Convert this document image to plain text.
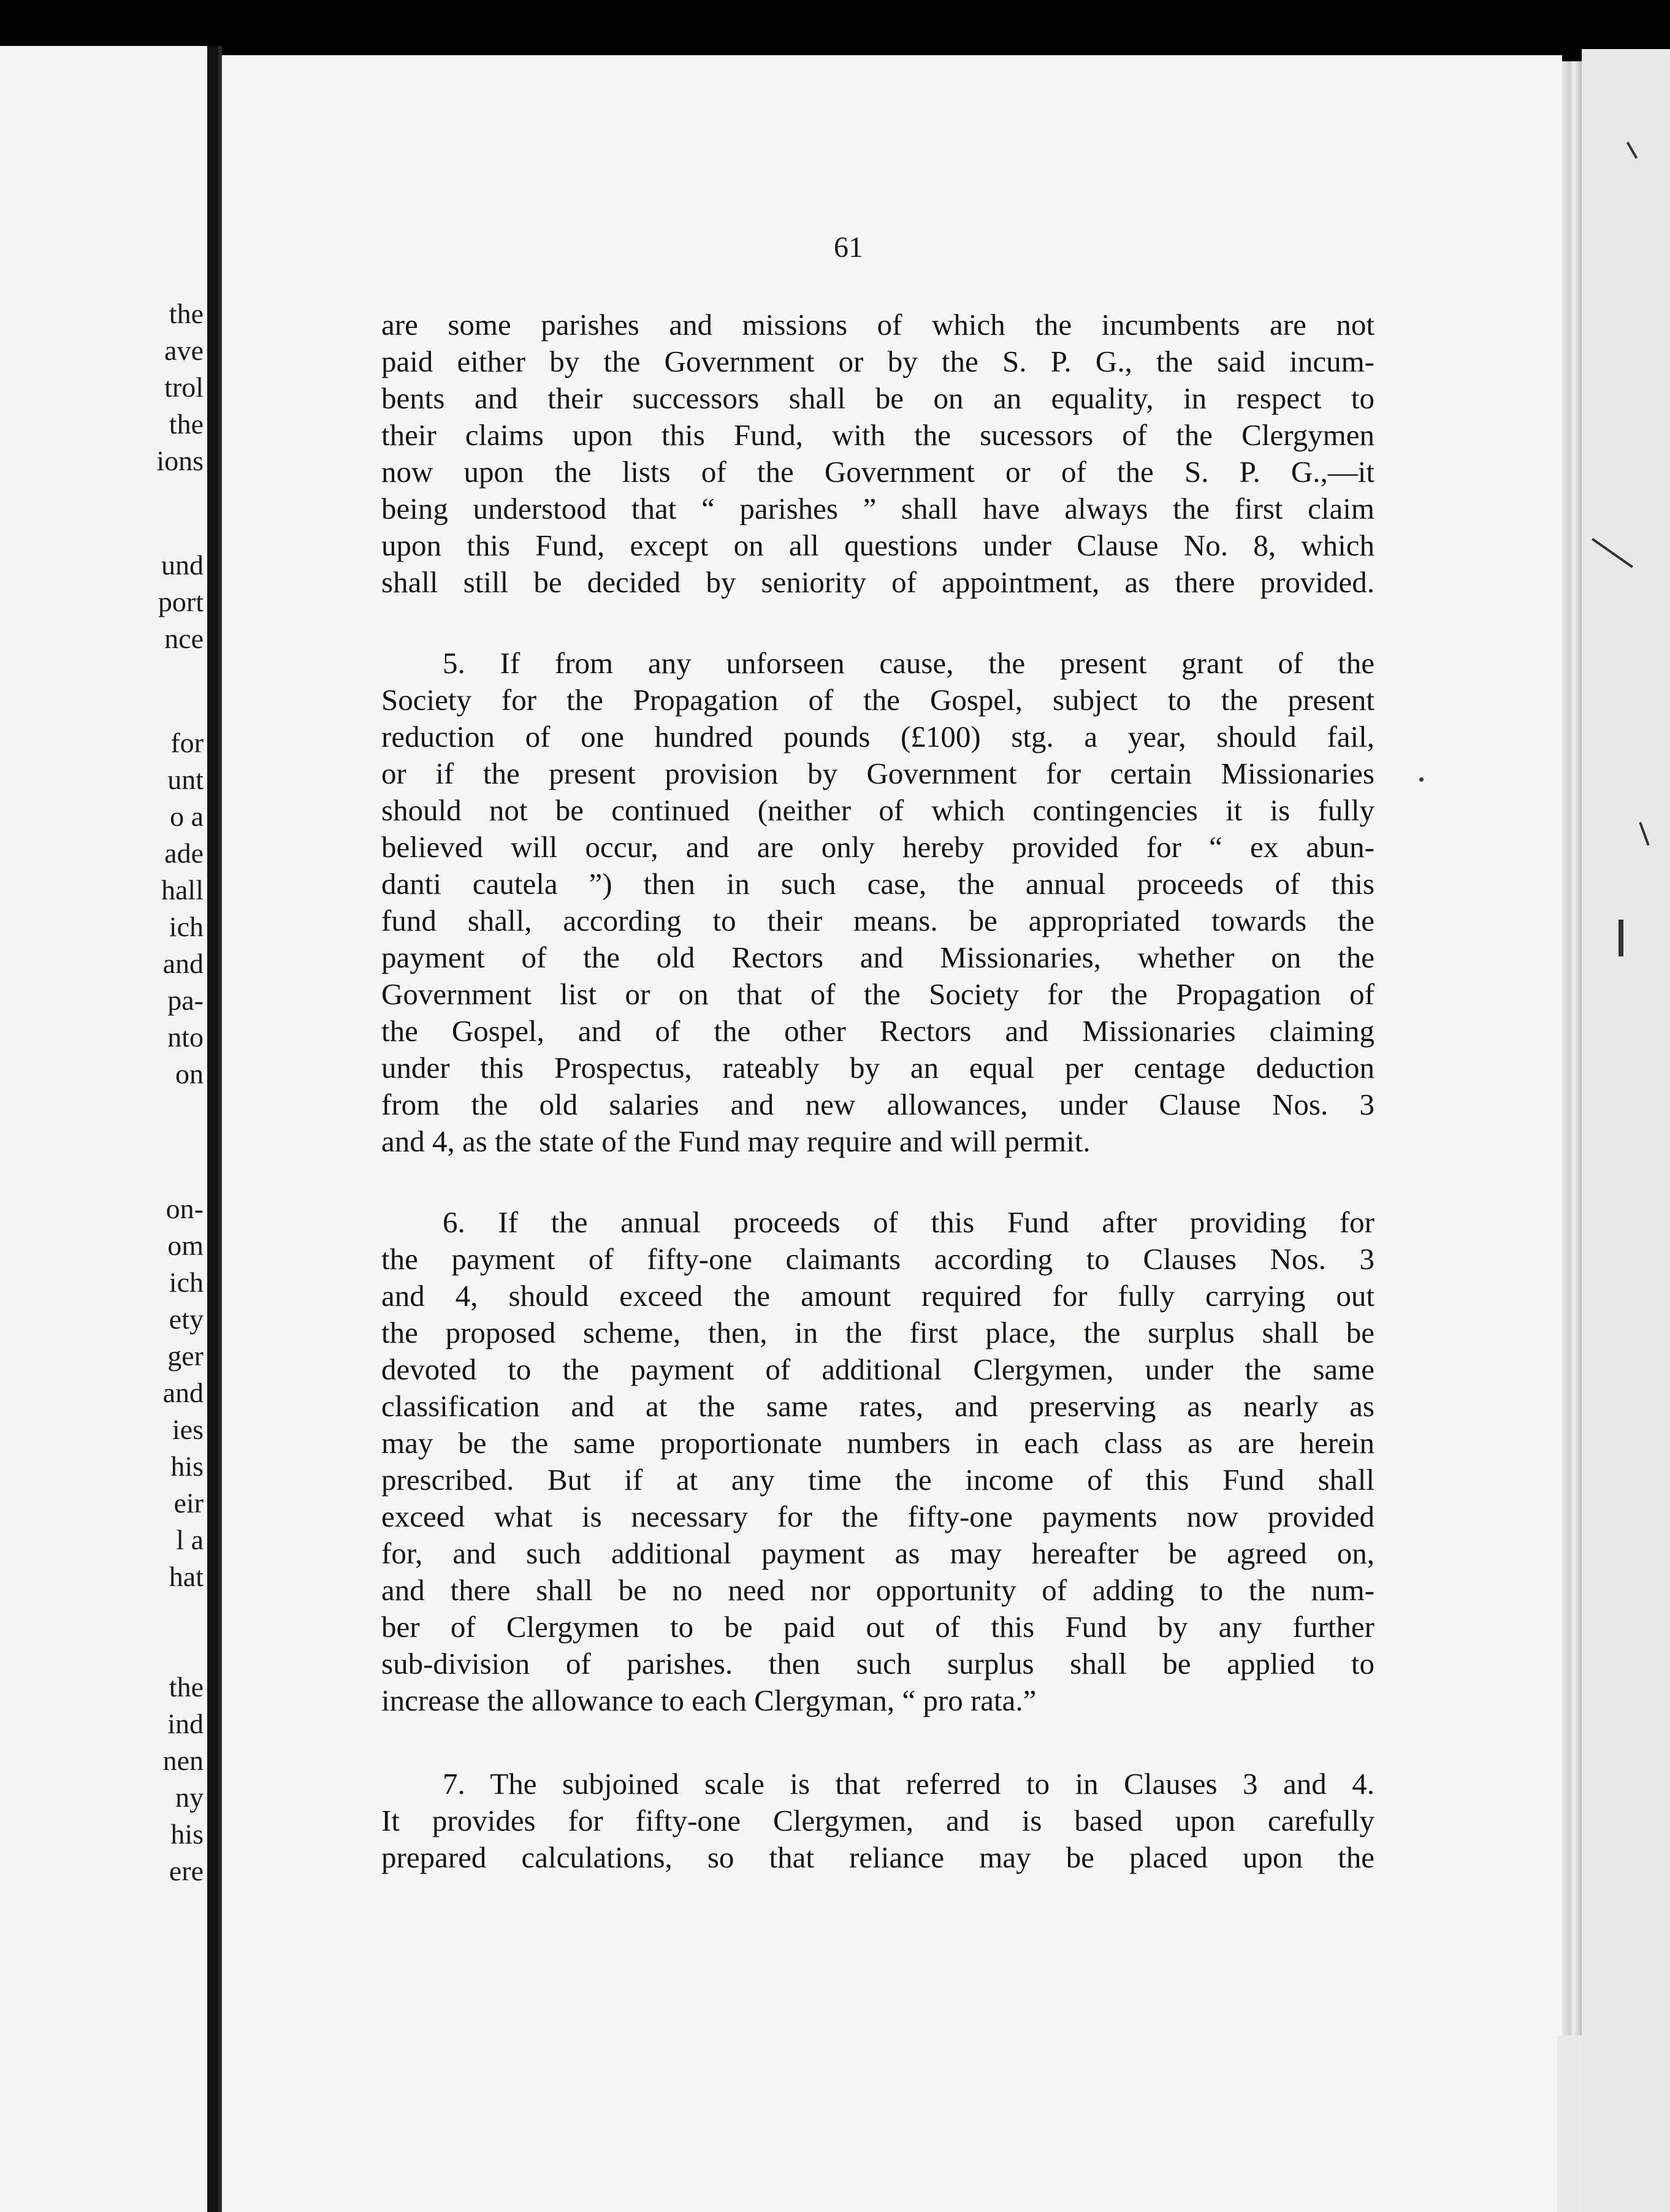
the
ave
trol
the
ions
und
port
nce
for
unt
o a
ade
hall
ich
and
pa-
nto
on
on-
om
ich
ety
ger
and
ies
his
eir
l a
hat
the
ind
nen
ny
his
ere
61
are some parishes and missions of which the incumbents are not
paid either by the Government or by the S. P. G., the said incum-
bents and their successors shall be on an equality, in respect to
their claims upon this Fund, with the sucessors of the Clergymen
now upon the lists of the Government or of the S. P. G.,—it
being understood that “ parishes ” shall have always the first claim
upon this Fund, except on all questions under Clause No. 8, which
shall still be decided by seniority of appointment, as there provided.
5. If from any unforseen cause, the present grant of the
Society for the Propagation of the Gospel, subject to the present
reduction of one hundred pounds (£100) stg. a year, should fail,
or if the present provision by Government for certain Missionaries
should not be continued (neither of which contingencies it is fully
believed will occur, and are only hereby provided for “ ex abun-
danti cautela ”) then in such case, the annual proceeds of this
fund shall, according to their means. be appropriated towards the
payment of the old Rectors and Missionaries, whether on the
Government list or on that of the Society for the Propagation of
the Gospel, and of the other Rectors and Missionaries claiming
under this Prospectus, rateably by an equal per centage deduction
from the old salaries and new allowances, under Clause Nos. 3
and 4, as the state of the Fund may require and will permit.
6. If the annual proceeds of this Fund after providing for
the payment of fifty-one claimants according to Clauses Nos. 3
and 4, should exceed the amount required for fully carrying out
the proposed scheme, then, in the first place, the surplus shall be
devoted to the payment of additional Clergymen, under the same
classification and at the same rates, and preserving as nearly as
may be the same proportionate numbers in each class as are herein
prescribed. But if at any time the income of this Fund shall
exceed what is necessary for the fifty-one payments now provided
for, and such additional payment as may hereafter be agreed on,
and there shall be no need nor opportunity of adding to the num-
ber of Clergymen to be paid out of this Fund by any further
sub-division of parishes. then such surplus shall be applied to
increase the allowance to each Clergyman, “ pro rata.”
7. The subjoined scale is that referred to in Clauses 3 and 4.
It provides for fifty-one Clergymen, and is based upon carefully
prepared calculations, so that reliance may be placed upon the
